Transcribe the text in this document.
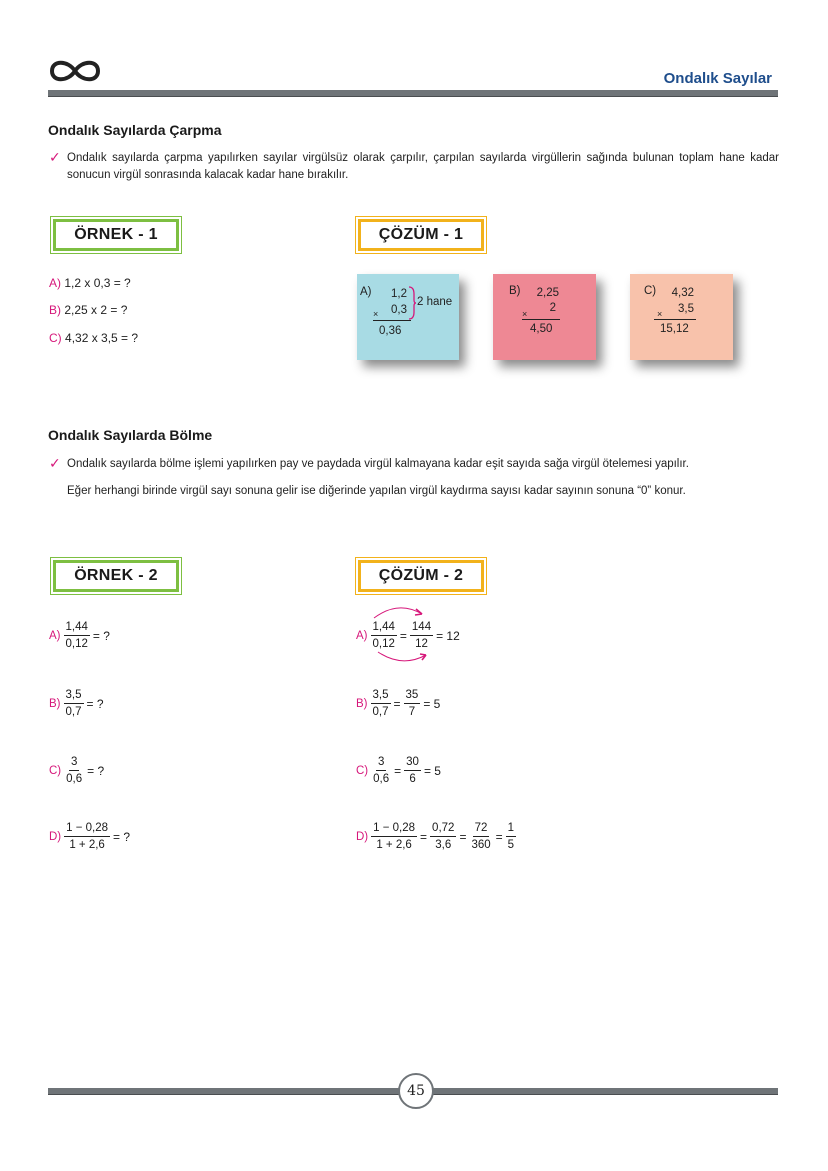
Ondalık Sayılar
Ondalık Sayılarda Çarpma
✓ Ondalık sayılarda çarpma yapılırken sayılar virgülsüz olarak çarpılır, çarpılan sayılarda virgüllerin sağında bulunan toplam hane kadar sonucun virgül sonrasında kalacak kadar hane bırakılır.
ÖRNEK - 1	ÇÖZÜM - 1
A) 1,2 x 0,3 = ?
B) 2,25 x 2 = ?
C) 4,32 x 3,5 = ?
A)	1,2
×	0,3
0,36
2 hane
B)	2,25
×	2
4,50
C)	4,32
×	3,5
15,12
Ondalık Sayılarda Bölme
✓ Ondalık sayılarda bölme işlemi yapılırken pay ve paydada virgül kalmayana kadar eşit sayıda sağa virgül ötelemesi yapılır.
Eğer herhangi birinde virgül sayı sonuna gelir ise diğerinde yapılan virgül kaydırma sayısı kadar sayının sonuna “0” konur.
ÖRNEK - 2	ÇÖZÜM - 2
$A) \frac{1,44}{0,12}$ = ?
$B) \frac{3,5}{0,7}$ = ?
$C) \frac{3}{0,6}$ = ?
$D) \frac{1 - 0,28}{1 + 2,6}$ = ?
$A) \frac{1,44}{0,12} = \frac{144}{12} = 12$
$B) \frac{3,5}{0,7} = \frac{35}{7} = 5$
$C) \frac{3}{0,6} = \frac{30}{6} = 5$
$D) \frac{1 - 0,28}{1 + 2,6} = \frac{0,72}{3,6} = \frac{72}{360} = \frac{1}{5}$
45
